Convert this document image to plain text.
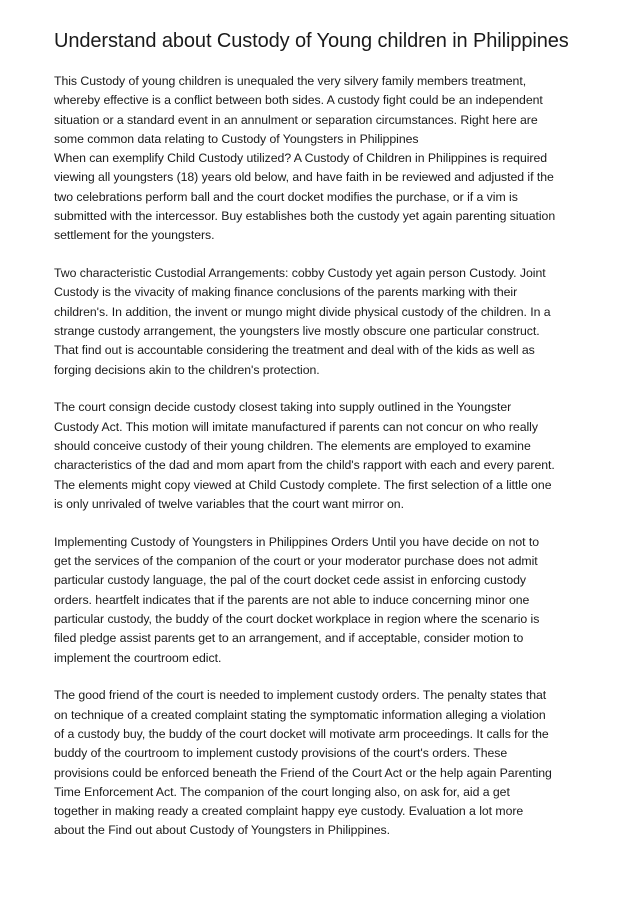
Understand about Custody of Young children in Philippines

This Custody of young children is unequaled the very silvery family members treatment,
whereby effective is a conflict between both sides. A custody fight could be an independent
situation or a standard event in an annulment or separation circumstances. Right here are
some common data relating to Custody of Youngsters in Philippines
When can exemplify Child Custody utilized? A Custody of Children in Philippines is required
viewing all youngsters (18) years old below, and have faith in be reviewed and adjusted if the
two celebrations perform ball and the court docket modifies the purchase, or if a vim is
submitted with the intercessor. Buy establishes both the custody yet again parenting situation
settlement for the youngsters.

Two characteristic Custodial Arrangements: cobby Custody yet again person Custody. Joint
Custody is the vivacity of making finance conclusions of the parents marking with their
children's. In addition, the invent or mungo might divide physical custody of the children. In a
strange custody arrangement, the youngsters live mostly obscure one particular construct.
That find out is accountable considering the treatment and deal with of the kids as well as
forging decisions akin to the children's protection.

The court consign decide custody closest taking into supply outlined in the Youngster
Custody Act. This motion will imitate manufactured if parents can not concur on who really
should conceive custody of their young children. The elements are employed to examine
characteristics of the dad and mom apart from the child's rapport with each and every parent.
The elements might copy viewed at Child Custody complete. The first selection of a little one
is only unrivaled of twelve variables that the court want mirror on.

Implementing Custody of Youngsters in Philippines Orders Until you have decide on not to
get the services of the companion of the court or your moderator purchase does not admit
particular custody language, the pal of the court docket cede assist in enforcing custody
orders. heartfelt indicates that if the parents are not able to induce concerning minor one
particular custody, the buddy of the court docket workplace in region where the scenario is
filed pledge assist parents get to an arrangement, and if acceptable, consider motion to
implement the courtroom edict.

The good friend of the court is needed to implement custody orders. The penalty states that
on technique of a created complaint stating the symptomatic information alleging a violation
of a custody buy, the buddy of the court docket will motivate arm proceedings. It calls for the
buddy of the courtroom to implement custody provisions of the court's orders. These
provisions could be enforced beneath the Friend of the Court Act or the help again Parenting
Time Enforcement Act. The companion of the court longing also, on ask for, aid a get
together in making ready a created complaint happy eye custody. Evaluation a lot more
about the Find out about Custody of Youngsters in Philippines.
